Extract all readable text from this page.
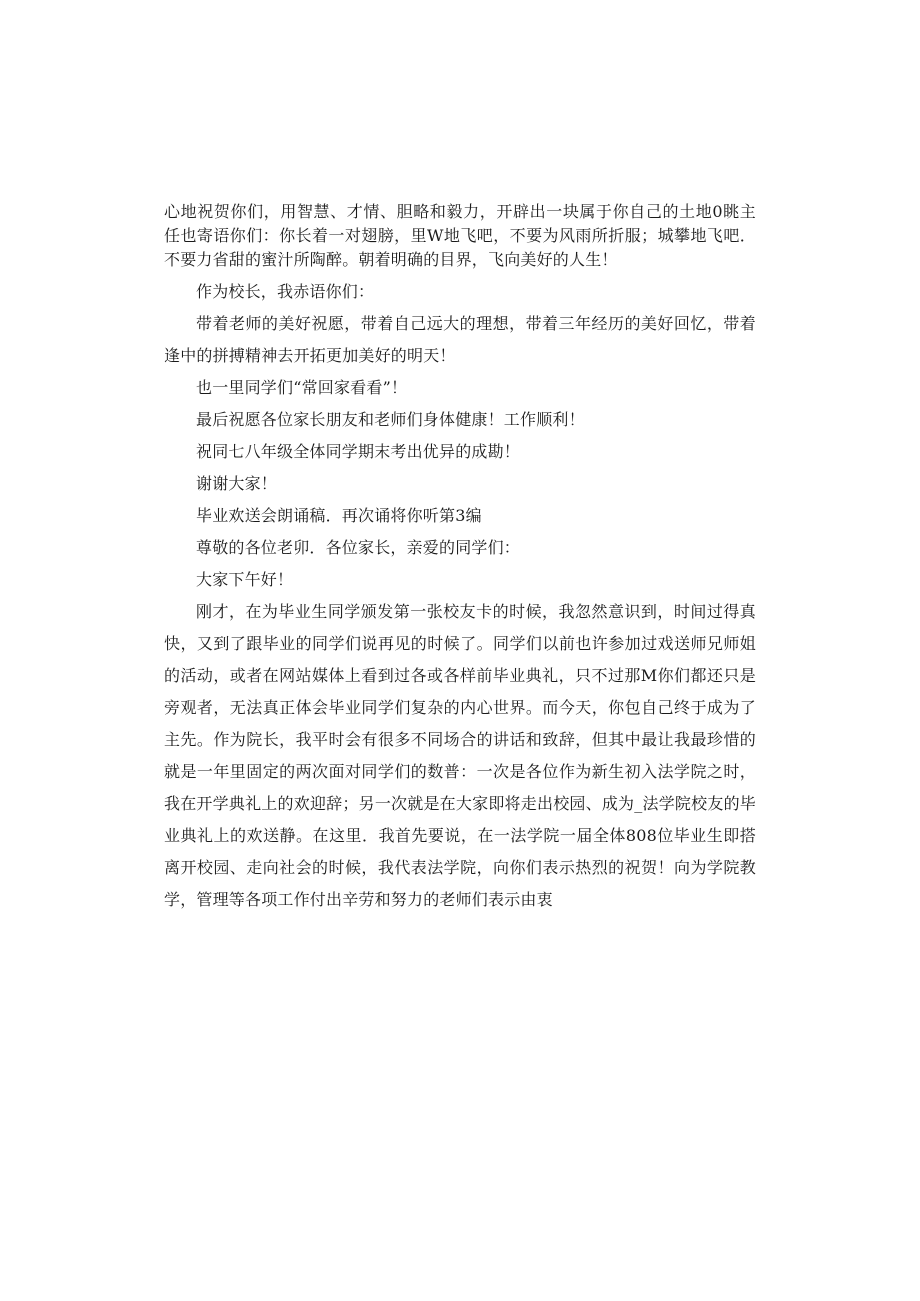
心地祝贺你们，用智慧、才情、胆略和毅力，开辟出一块属于你自己的土地0眺主任也寄语你们：你长着一对翅膀，里W地飞吧，不要为风雨所折服；城攀地飞吧．不要力省甜的蜜汁所陶醉。朝着明确的目界，飞向美好的人生！

作为校长，我赤语你们：

带着老师的美好祝愿，带着自己远大的理想，带着三年经历的美好回忆，带着逢中的拼搏精神去开拓更加美好的明天！

也一里同学们“常回家看看”！

最后祝愿各位家长朋友和老师们身体健康！工作顺利！

祝同七八年级全体同学期末考出优异的成勘！

谢谢大家！

毕业欢送会朗诵稿．再次诵将你听第3编

尊敬的各位老卯．各位家长，亲爱的同学们：

大家下午好！

刚才，在为毕业生同学颁发第一张校友卡的时候，我忽然意识到，时间过得真快，又到了跟毕业的同学们说再见的时候了。同学们以前也许参加过戏送师兄师姐的活动，或者在网站媒体上看到过各或各样前毕业典礼，只不过那M你们都还只是旁观者，无法真正体会毕业同学们复杂的内心世界。而今天，你包自己终于成为了主先。作为院长，我平时会有很多不同场合的讲话和致辞，但其中最让我最珍惜的就是一年里固定的两次面对同学们的数普：一次是各位作为新生初入法学院之时，我在开学典礼上的欢迎辞；另一次就是在大家即将走出校园、成为_法学院校友的毕业典礼上的欢送静。在这里．我首先要说，在一法学院一届全体808位毕业生即搭离开校园、走向社会的时候，我代表法学院，向你们表示热烈的祝贺！向为学院教学，管理等各项工作付出辛劳和努力的老师们表示由衷
